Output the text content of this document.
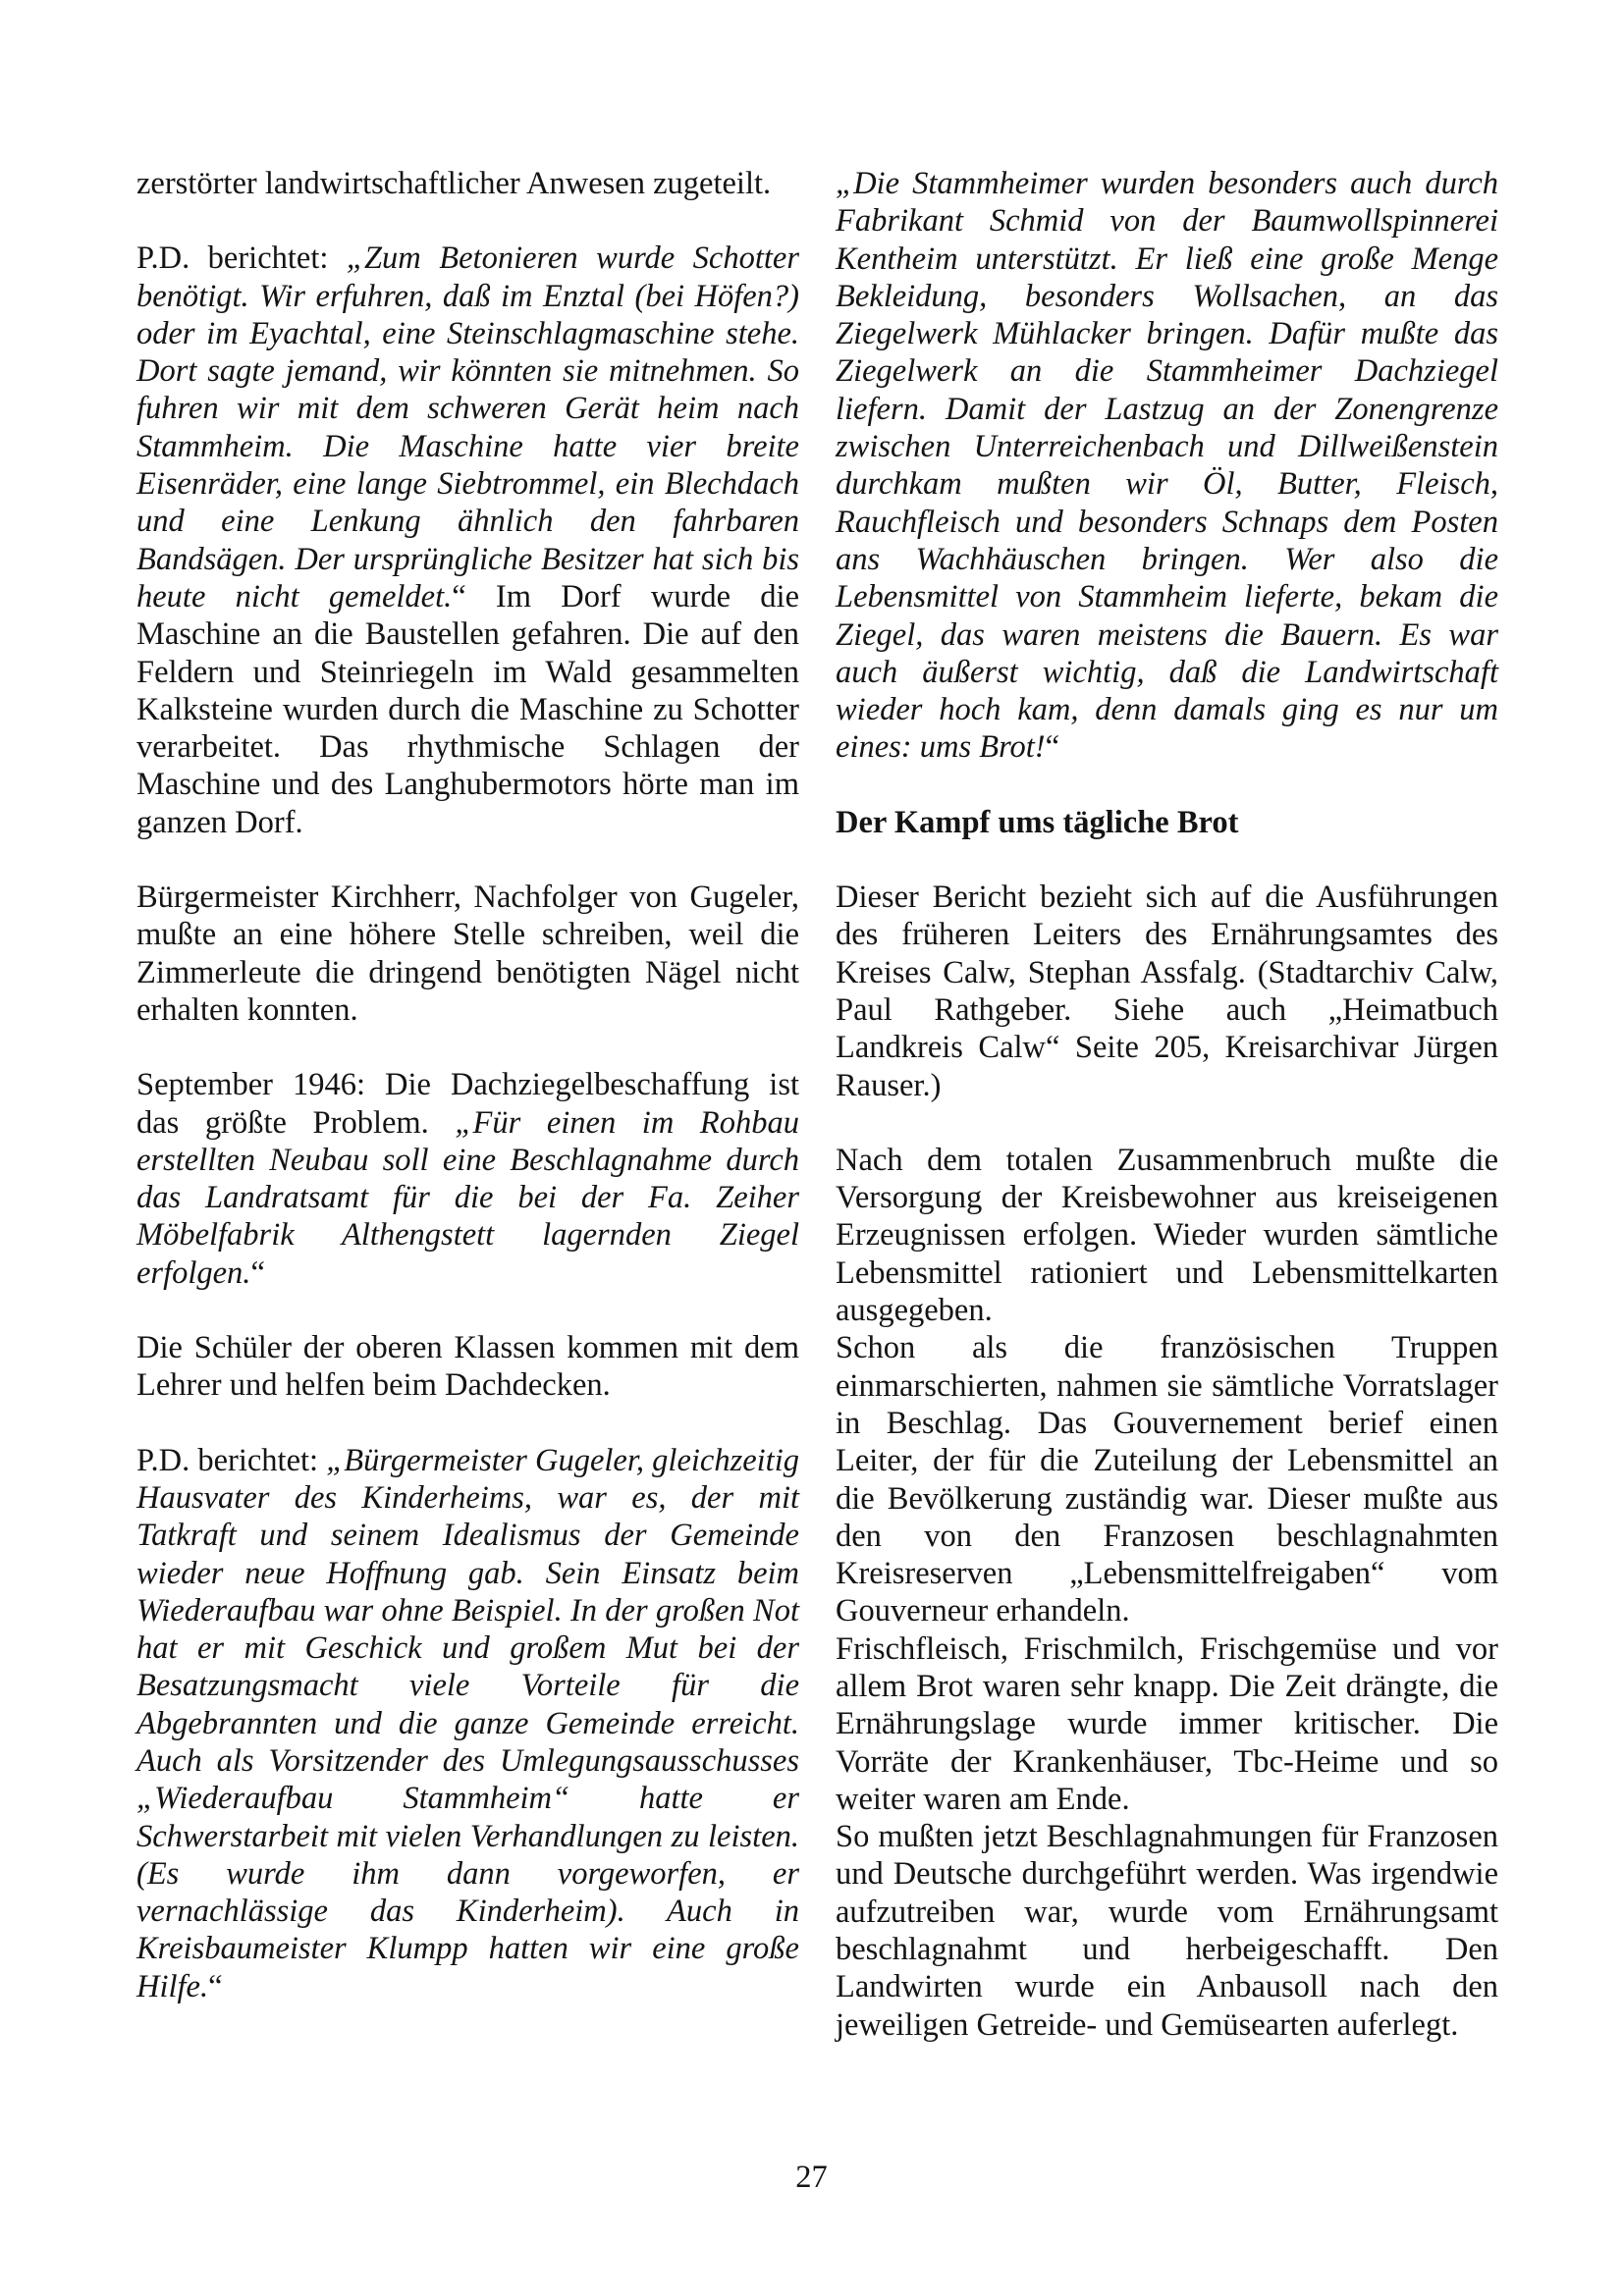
zerstörter landwirtschaftlicher Anwesen zugeteilt.

P.D. berichtet: „Zum Betonieren wurde Schotter benötigt. Wir erfuhren, daß im Enztal (bei Höfen?) oder im Eyachtal, eine Steinschlagmaschine stehe. Dort sagte jemand, wir könnten sie mitnehmen. So fuhren wir mit dem schweren Gerät heim nach Stammheim. Die Maschine hatte vier breite Eisenräder, eine lange Siebtrommel, ein Blechdach und eine Lenkung ähnlich den fahrbaren Bandsägen. Der ursprüngliche Besitzer hat sich bis heute nicht gemeldet.“ Im Dorf wurde die Maschine an die Baustellen gefahren. Die auf den Feldern und Steinriegeln im Wald gesammelten Kalksteine wurden durch die Maschine zu Schotter verarbeitet. Das rhythmische Schlagen der Maschine und des Langhubermotors hörte man im ganzen Dorf.

Bürgermeister Kirchherr, Nachfolger von Gugeler, mußte an eine höhere Stelle schreiben, weil die Zimmerleute die dringend benötigten Nägel nicht erhalten konnten.

September 1946: Die Dachziegelbeschaffung ist das größte Problem. „Für einen im Rohbau erstellten Neubau soll eine Beschlagnahme durch das Landratsamt für die bei der Fa. Zeiher Möbelfabrik Althengstett lagernden Ziegel erfolgen.“

Die Schüler der oberen Klassen kommen mit dem Lehrer und helfen beim Dachdecken.

P.D. berichtet: „Bürgermeister Gugeler, gleichzeitig Hausvater des Kinderheims, war es, der mit Tatkraft und seinem Idealismus der Gemeinde wieder neue Hoffnung gab. Sein Einsatz beim Wiederaufbau war ohne Beispiel. In der großen Not hat er mit Geschick und großem Mut bei der Besatzungsmacht viele Vorteile für die Abgebrannten und die ganze Gemeinde erreicht. Auch als Vorsitzender des Umlegungsausschusses „Wiederaufbau Stammheim“ hatte er Schwerstarbeit mit vielen Verhandlungen zu leisten. (Es wurde ihm dann vorgeworfen, er vernachlässige das Kinderheim). Auch in Kreisbaumeister Klumpp hatten wir eine große Hilfe.“

„Die Stammheimer wurden besonders auch durch Fabrikant Schmid von der Baumwollspinnerei Kentheim unterstützt. Er ließ eine große Menge Bekleidung, besonders Wollsachen, an das Ziegelwerk Mühlacker bringen. Dafür mußte das Ziegelwerk an die Stammheimer Dachziegel liefern. Damit der Lastzug an der Zonengrenze zwischen Unterreichenbach und Dillweißenstein durchkam mußten wir Öl, Butter, Fleisch, Rauchfleisch und besonders Schnaps dem Posten ans Wachhäuschen bringen. Wer also die Lebensmittel von Stammheim lieferte, bekam die Ziegel, das waren meistens die Bauern. Es war auch äußerst wichtig, daß die Landwirtschaft wieder hoch kam, denn damals ging es nur um eines: ums Brot!“

Der Kampf ums tägliche Brot

Dieser Bericht bezieht sich auf die Ausführungen des früheren Leiters des Ernährungsamtes des Kreises Calw, Stephan Assfalg. (Stadtarchiv Calw, Paul Rathgeber. Siehe auch „Heimatbuch Landkreis Calw“ Seite 205, Kreisarchivar Jürgen Rauser.)

Nach dem totalen Zusammenbruch mußte die Versorgung der Kreisbewohner aus kreiseigenen Erzeugnissen erfolgen. Wieder wurden sämtliche Lebensmittel rationiert und Lebensmittelkarten ausgegeben.

Schon als die französischen Truppen einmarschierten, nahmen sie sämtliche Vorratslager in Beschlag. Das Gouvernement berief einen Leiter, der für die Zuteilung der Lebensmittel an die Bevölkerung zuständig war. Dieser mußte aus den von den Franzosen beschlagnahmten Kreisreserven „Lebensmittelfreigaben“ vom Gouverneur erhandeln.

Frischfleisch, Frischmilch, Frischgemüse und vor allem Brot waren sehr knapp. Die Zeit drängte, die Ernährungslage wurde immer kritischer. Die Vorräte der Krankenhäuser, Tbc-Heime und so weiter waren am Ende.

So mußten jetzt Beschlagnahmungen für Franzosen und Deutsche durchgeführt werden. Was irgendwie aufzutreiben war, wurde vom Ernährungsamt beschlagnahmt und herbeigeschafft. Den Landwirten wurde ein Anbausoll nach den jeweiligen Getreide- und Gemüsearten auferlegt.

27
